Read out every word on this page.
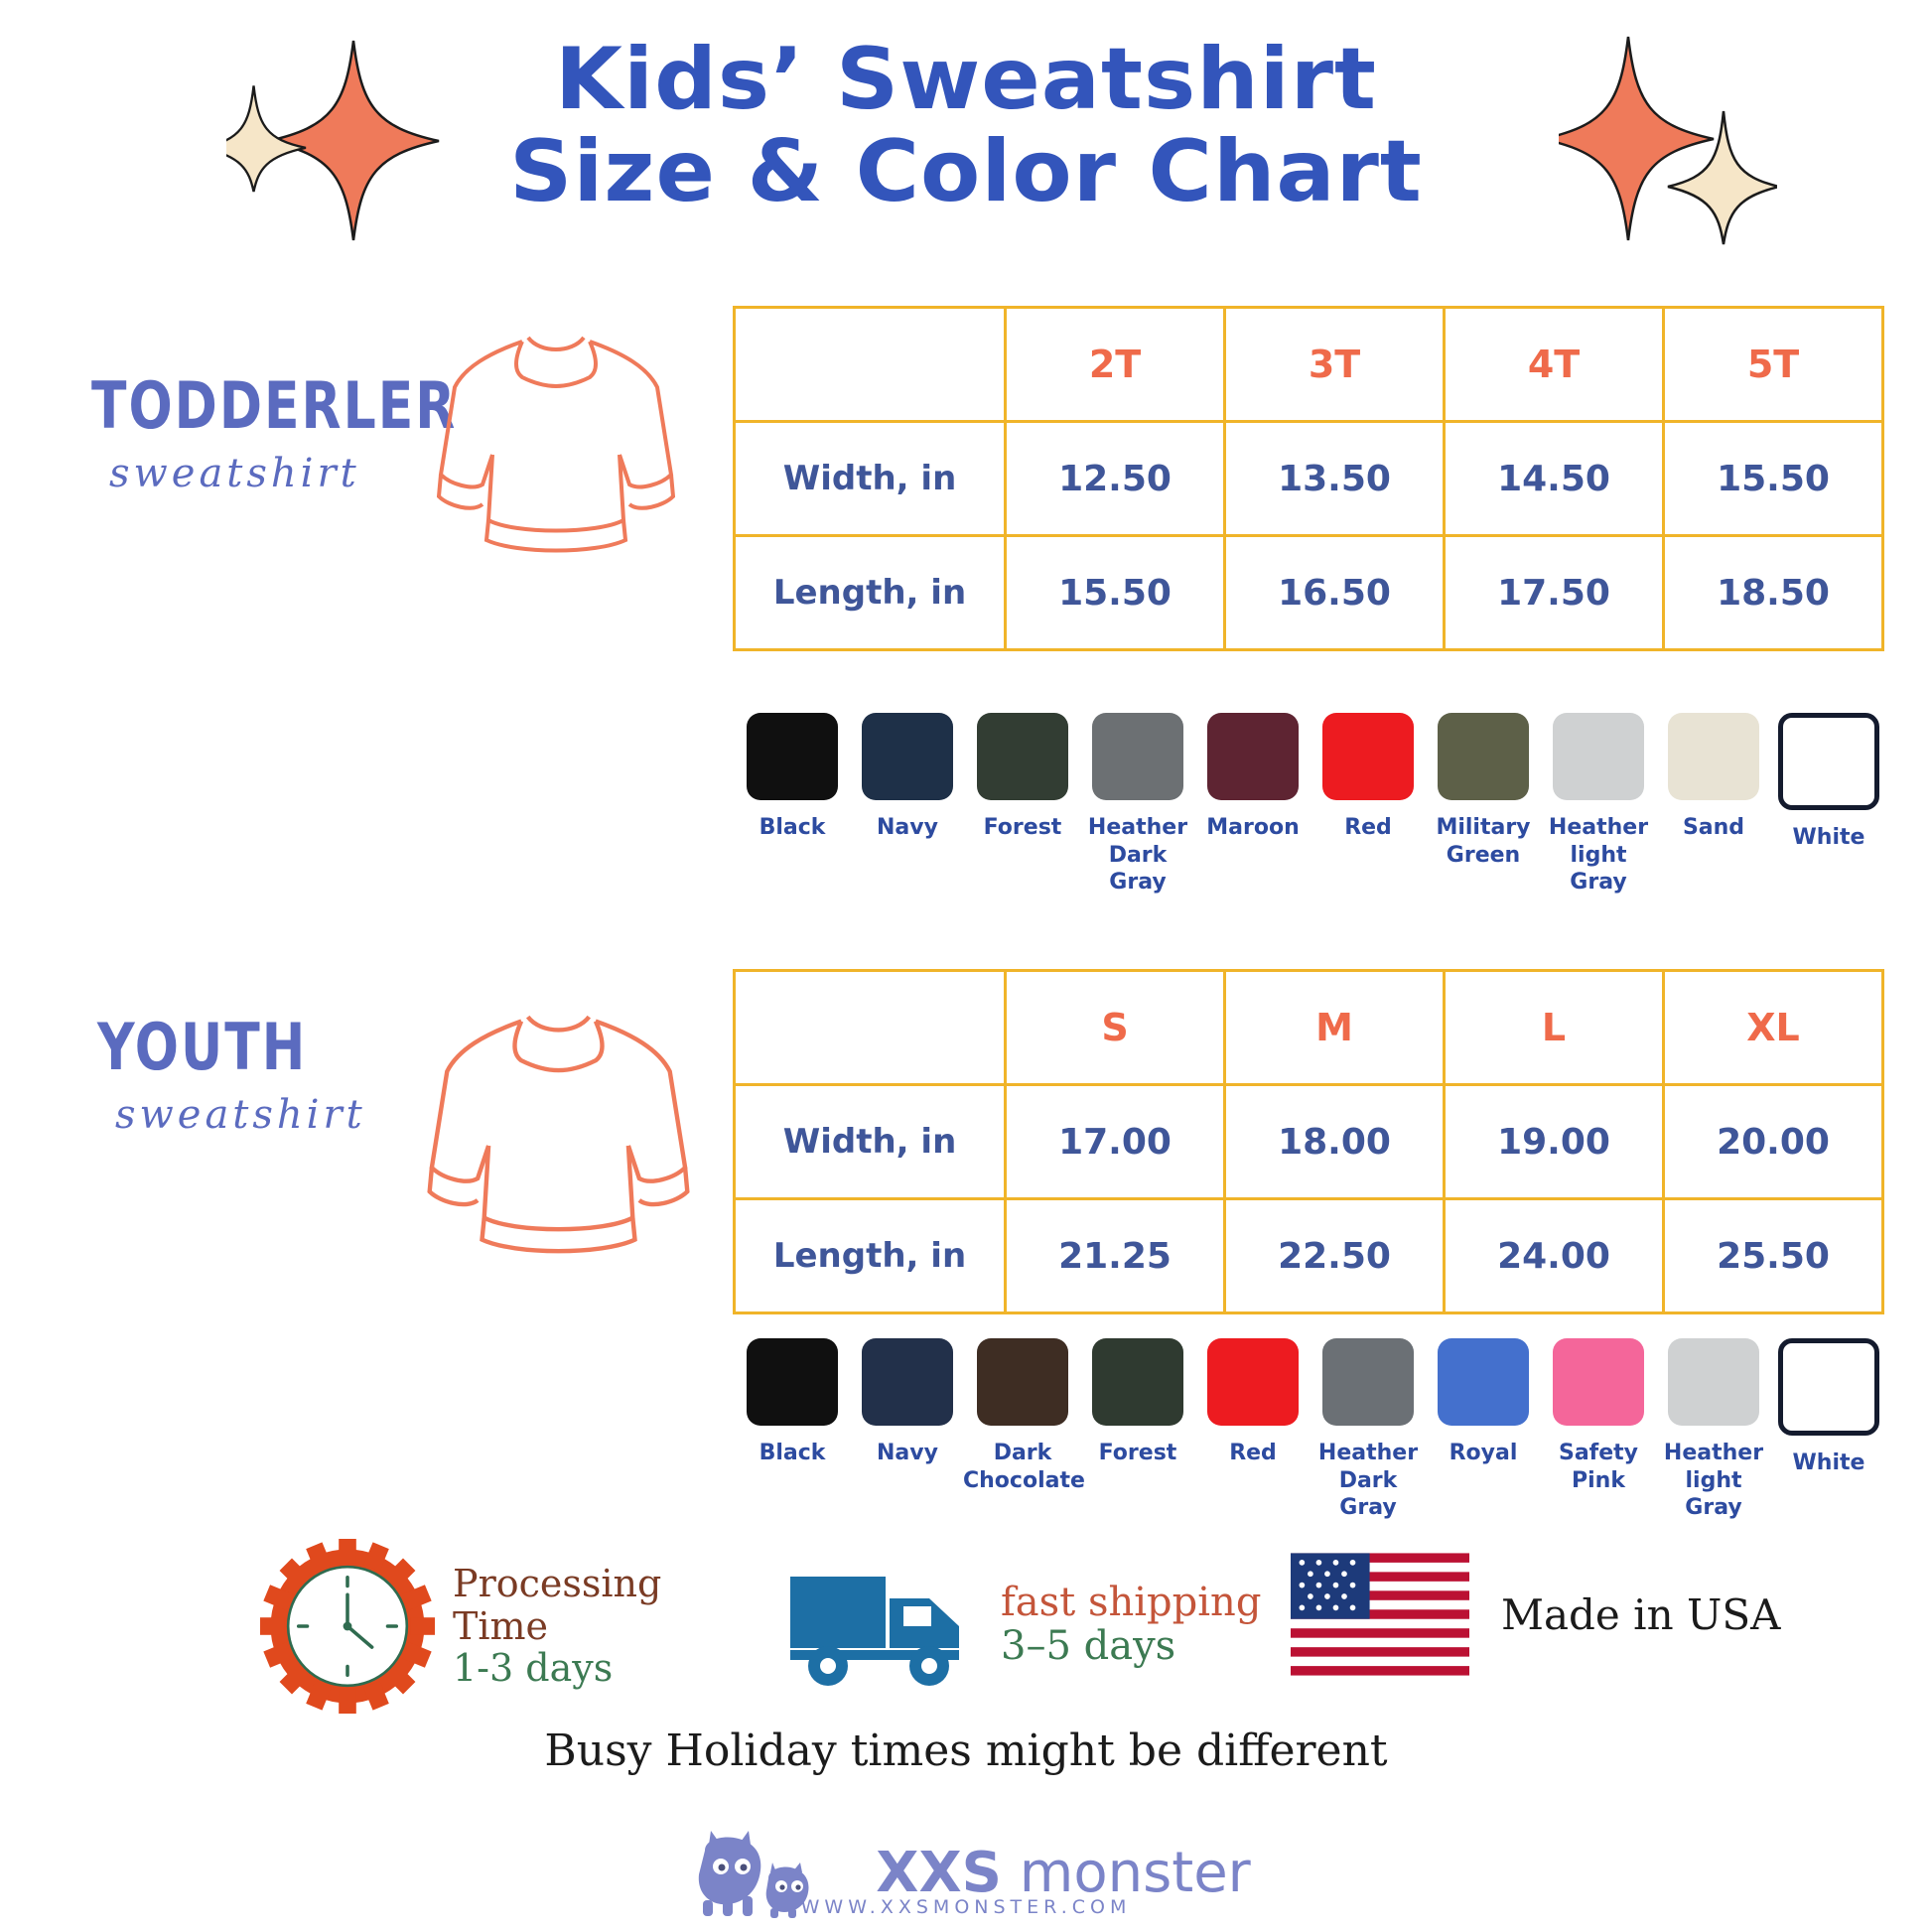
Kids’ Sweatshirt
Size & Color Chart
TODDERLER
sweatshirt
	2T	3T	4T	5T
Width, in	12.50	13.50	14.50	15.50
Length, in	15.50	16.50	17.50	18.50
Black Navy Forest	Heather
Dark Gray
Maroon Red Military
Green
Heather
light Gray
Sand White
YOUTH
sweatshirt
	S	M	L	XL
Width, in	17.00	18.00	19.00	20.00
Length, in	21.25	22.50	24.00	25.50
Black Navy	Dark
Chocolate
Forest Red	Heather
Dark Gray
Royal Safety
Pink
Heather
light Gray
White
Processing
Time
1-3 days
fast shipping
3–5 days
Made in USA
Busy Holiday times might be different
XXS monster
WWW.XXSMONSTER.COM
